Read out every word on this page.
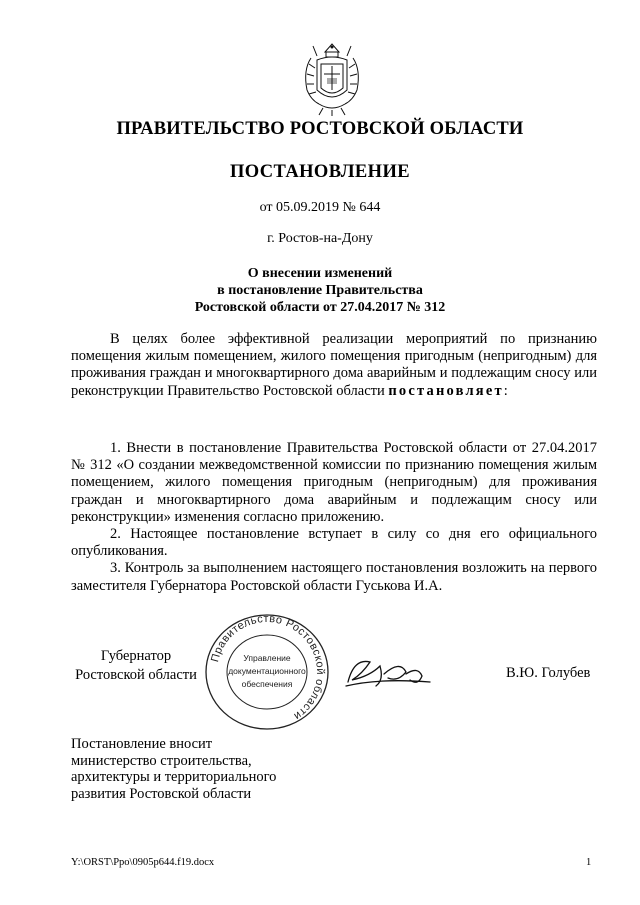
ПРАВИТЕЛЬСТВО РОСТОВСКОЙ ОБЛАСТИ
ПОСТАНОВЛЕНИЕ
от 05.09.2019 № 644
г. Ростов-на-Дону
О внесении изменений
в постановление Правительства
Ростовской области от 27.04.2017 № 312

В целях более эффективной реализации мероприятий по признанию помещения жилым помещением, жилого помещения пригодным (непригодным) для проживания граждан и многоквартирного дома аварийным и подлежащим сносу или реконструкции Правительство Ростовской области постановляет:

1. Внести в постановление Правительства Ростовской области от 27.04.2017 № 312 «О создании межведомственной комиссии по признанию помещения жилым помещением, жилого помещения пригодным (непригодным) для проживания граждан и многоквартирного дома аварийным и подлежащим сносу или реконструкции» изменения согласно приложению.

2. Настоящее постановление вступает в силу со дня его официального опубликования.

3. Контроль за выполнением настоящего постановления возложить на первого заместителя Губернатора Ростовской области Гуськова И.А.

Губернатор
Ростовской области
Правительство Ростовской области
Управление
документационного
обеспечения
В.Ю. Голубев
Постановление вносит
министерство строительства,
архитектуры и территориального
развития Ростовской области
Y:\ORST\Ppo\0905p644.f19.docx	1
